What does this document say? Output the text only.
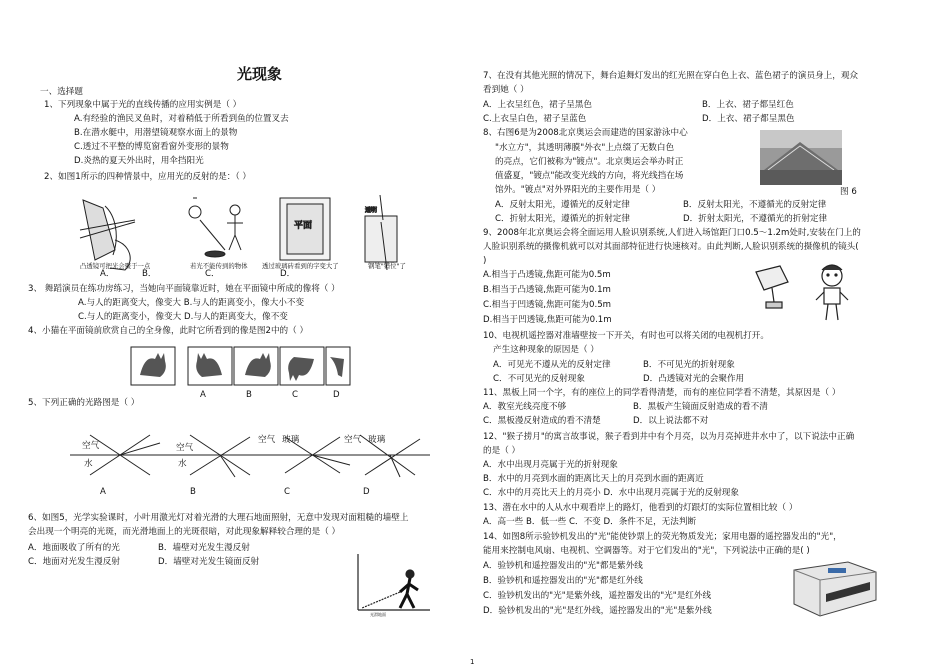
光现象
一、选择题
1、下列现象中属于光的直线传播的应用实例是（ ）
A.有经验的渔民叉鱼时，对着稍低于所看到鱼的位置叉去
B.在潜水艇中，用潜望镜观察水面上的景物
C.透过不平整的博览窗看窗外变形的景物
D.炎热的夏天外出时，用伞挡阳光
2、如图1所示的四种情景中，应用光的反射的是：（ ）
平面
透明
凸透镜可把光会聚于一点	若光不能传到的物体 透过玻璃砖看到的字变大了	钢笔"错位"了
A．	B．	C．	D．
3、 舞蹈演员在练功房练习，当她向平面镜靠近时，她在平面镜中所成的像将（ ）
A.与人的距离变大，像变大 B.与人的距离变小，像大小不变
C.与人的距离变小，像变大 D.与人的距离变大，像不变
4、小猫在平面镜前欣赏自己的全身像，此时它所看到的像是图2中的（ ）
A	B	C	D
5、下列正确的光路图是（ ）
空气
水
空气
水
空气 玻璃	空气 玻璃
A	B	C	D
6、如图5，光学实验课时，小叶用激光灯对着光滑的大理石地面照射，无意中发现对面粗糙的墙壁上
会出现一个明亮的光斑，而光滑地面上的光斑很暗，对此现象解释较合理的是（ ）
A．地面吸收了所有的光	B．墙壁对光发生漫反射
C．地面对光发生漫反射	D．墙壁对光发生镜面反射
光滑地面
7、在没有其他光照的情况下，舞台追舞灯发出的红光照在穿白色上衣、蓝色裙子的演员身上，观众
看到她（ ）
A．上衣呈红色，裙子呈黑色	B．上衣、裙子都呈红色
C.上衣呈白色，裙子呈蓝色	D．上衣、裙子都呈黑色
8、右图6是为2008北京奥运会而建造的国家游泳中心
"水立方"，其透明薄膜"外衣"上点缀了无数白色
的亮点，它们被称为"镀点"。北京奥运会举办时正
值盛夏，"镀点"能改变光线的方向，将光线挡在场
馆外。"镀点"对外界阳光的主要作用是（ ）	图 6
A．反射太阳光，遵循光的反射定律	B．反射太阳光，不遵循光的反射定律
C．折射太阳光，遵循光的折射定律	D．折射太阳光，不遵循光的折射定律
9、2008年北京奥运会将全面运用人脸识别系统,人们进入场馆距门口0.5～1.2m处时,安装在门上的
人脸识别系统的摄像机就可以对其面部特征进行快速核对。由此判断,人脸识别系统的摄像机的镜头(
)
A.相当于凸透镜,焦距可能为0.5m
B.相当于凸透镜,焦距可能为0.1m
C.相当于凹透镜,焦距可能为0.5m
D.相当于凹透镜,焦距可能为0.1m
10、电视机遥控器对准墙壁按一下开关，有时也可以将关闭的电视机打开。
产生这种现象的原因是（ ）
A．可见光不遵从光的反射定律	B．不可见光的折射现象
C．不可见光的反射现象	D．凸透镜对光的会聚作用
11、黑板上同一个字，有的座位上的同学看得清楚，而有的座位同学看不清楚，其原因是（ ）
A．教室光线亮度不够	B．黑板产生镜面反射造成的看不清
C．黑板漫反射造成的看不清楚	D．以上说法都不对
12、"猴子捞月"的寓言故事说，猴子看到井中有个月亮，以为月亮掉进井水中了，以下说法中正确
的是（ ）
A．水中出现月亮属于光的折射现象
B．水中的月亮到水面的距离比天上的月亮到水面的距离近
C．水中的月亮比天上的月亮小 D．水中出现月亮属于光的反射现象
13、潜在水中的人从水中观看岸上的路灯，他看到的灯跟灯的实际位置相比较（ ）
A．高一些 B．低一些 C．不变 D．条件不足，无法判断
14、如图8所示验钞机发出的"光"能使钞票上的荧光物质发光；家用电器的遥控器发出的"光"，
能用来控制电风扇、电视机、空调器等。对于它们发出的"光"，下列说法中正确的是( )
A．验钞机和遥控器发出的"光"都是紫外线
B．验钞机和遥控器发出的"光"都是红外线
C．验钞机发出的"光"是紫外线，遥控器发出的"光"是红外线
D．验钞机发出的"光"是红外线，遥控器发出的"光"是紫外线
1
